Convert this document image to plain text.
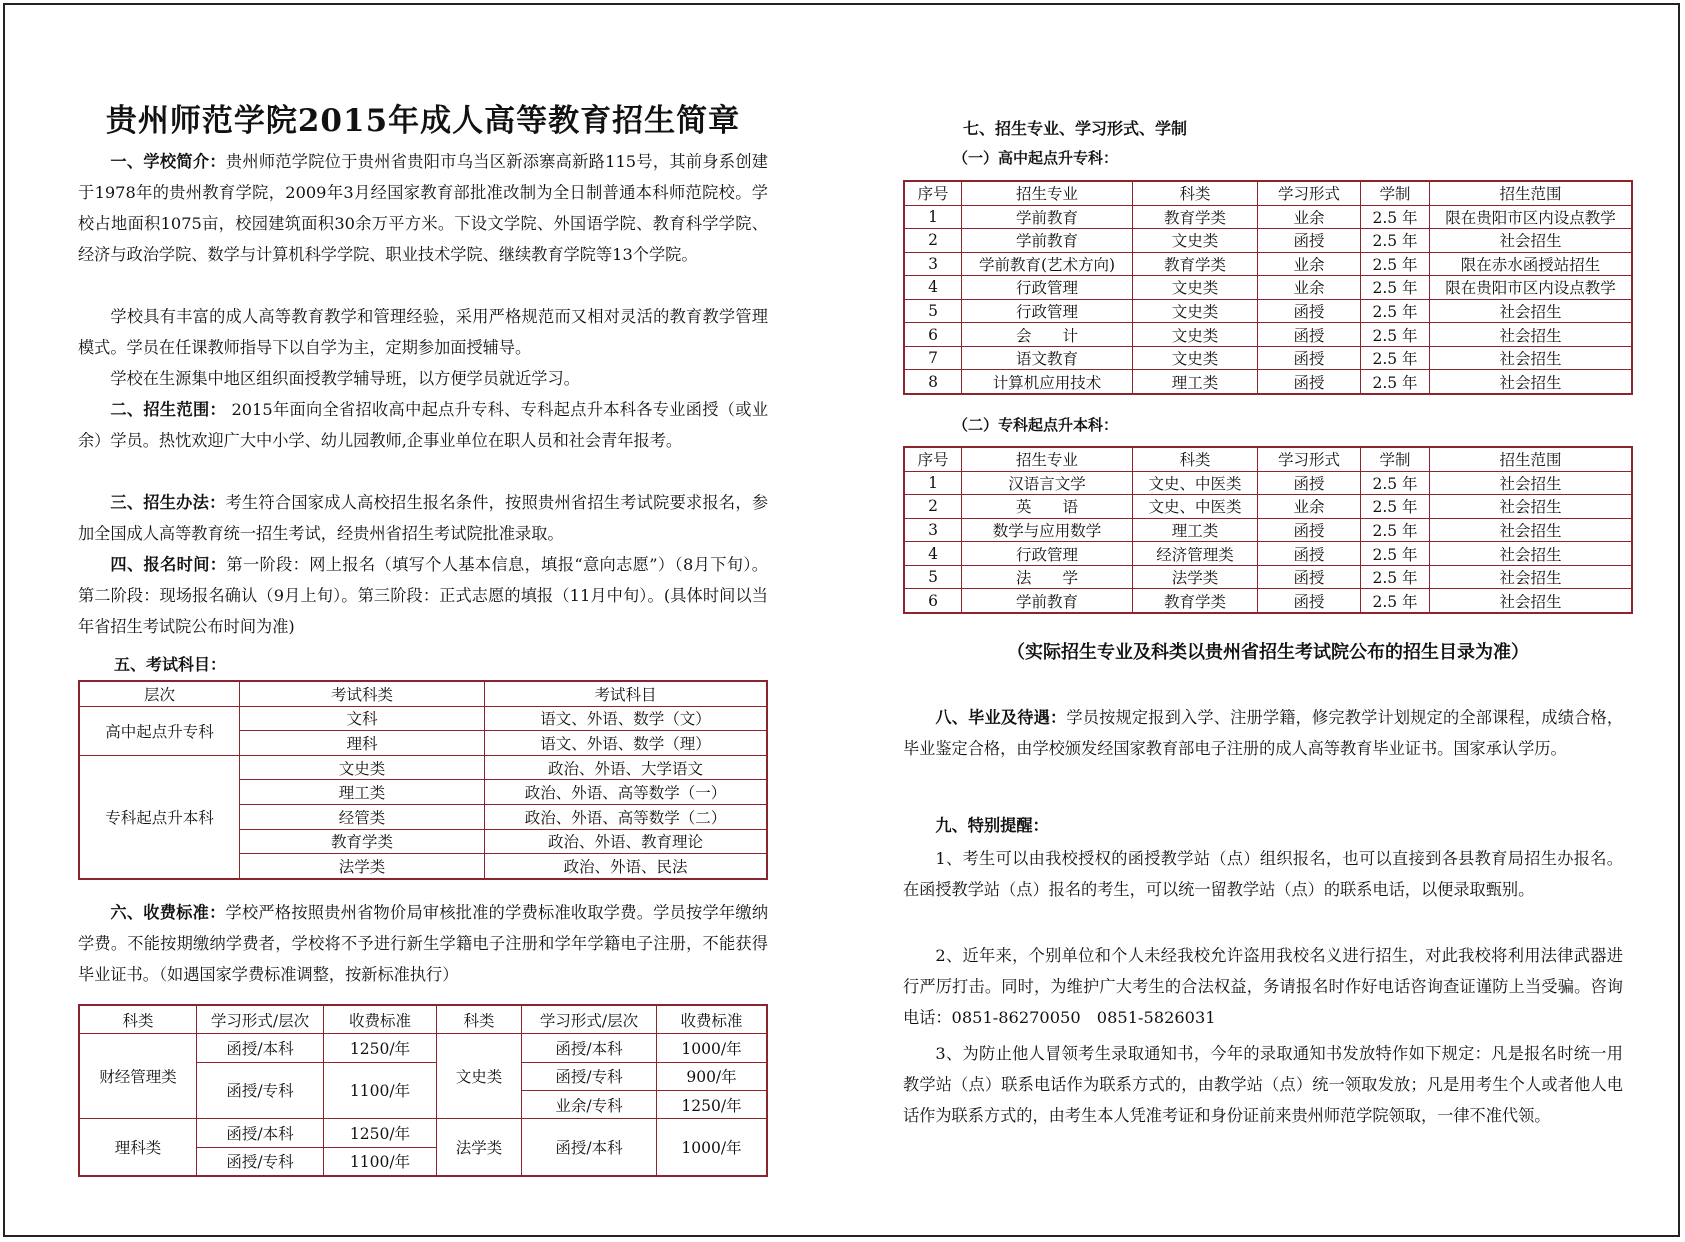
贵州师范学院2015年成人高等教育招生简章

一、学校简介：贵州师范学院位于贵州省贵阳市乌当区新添寨高新路115号，其前身系创建于1978年的贵州教育学院，2009年3月经国家教育部批准改制为全日制普通本科师范院校。学校占地面积1075亩，校园建筑面积30余万平方米。下设文学院、外国语学院、教育科学学院、经济与政治学院、数学与计算机科学学院、职业技术学院、继续教育学院等13个学院。

学校具有丰富的成人高等教育教学和管理经验，采用严格规范而又相对灵活的教育教学管理模式。学员在任课教师指导下以自学为主，定期参加面授辅导。

学校在生源集中地区组织面授教学辅导班，以方便学员就近学习。

二、招生范围： 2015年面向全省招收高中起点升专科、专科起点升本科各专业函授（或业余）学员。热忱欢迎广大中小学、幼儿园教师,企事业单位在职人员和社会青年报考。

三、招生办法：考生符合国家成人高校招生报名条件，按照贵州省招生考试院要求报名，参加全国成人高等教育统一招生考试，经贵州省招生考试院批准录取。

四、报名时间：第一阶段：网上报名（填写个人基本信息，填报“意向志愿”）（8月下旬）。第二阶段：现场报名确认（9月上旬）。第三阶段：正式志愿的填报（11月中旬）。(具体时间以当年省招生考试院公布时间为准)

五、考试科目：

层次	考试科类	考试科目
高中起点升专科	文科	语文、外语、数学（文）
	理科	语文、外语、数学（理）
专科起点升本科	文史类	政治、外语、大学语文
	理工类	政治、外语、高等数学（一）
	经管类	政治、外语、高等数学（二）
	教育学类	政治、外语、教育理论
	法学类	政治、外语、民法

六、收费标准：学校严格按照贵州省物价局审核批准的学费标准收取学费。学员按学年缴纳学费。不能按期缴纳学费者，学校将不予进行新生学籍电子注册和学年学籍电子注册，不能获得毕业证书。（如遇国家学费标准调整，按新标准执行）

科类	学习形式/层次	收费标准	科类	学习形式/层次	收费标准
财经管理类	函授/本科	1250/年	文史类	函授/本科	1000/年
	函授/专科	1100/年		函授/专科	900/年
				业余/专科	1250/年
理科类	函授/本科	1250/年	法学类	函授/本科	1000/年
	函授/专科	1100/年			

七、招生专业、学习形式、学制

（一）高中起点升专科：

序号	招生专业	科类	学习形式	学制	招生范围
1	学前教育	教育学类	业余	2.5 年	限在贵阳市区内设点教学
2	学前教育	文史类	函授	2.5 年	社会招生
3	学前教育(艺术方向)	教育学类	业余	2.5 年	限在赤水函授站招生
4	行政管理	文史类	业余	2.5 年	限在贵阳市区内设点教学
5	行政管理	文史类	函授	2.5 年	社会招生
6	会　　计	文史类	函授	2.5 年	社会招生
7	语文教育	文史类	函授	2.5 年	社会招生
8	计算机应用技术	理工类	函授	2.5 年	社会招生

（二）专科起点升本科：

序号	招生专业	科类	学习形式	学制	招生范围
1	汉语言文学	文史、中医类	函授	2.5 年	社会招生
2	英　　语	文史、中医类	业余	2.5 年	社会招生
3	数学与应用数学	理工类	函授	2.5 年	社会招生
4	行政管理	经济管理类	函授	2.5 年	社会招生
5	法　　学	法学类	函授	2.5 年	社会招生
6	学前教育	教育学类	函授	2.5 年	社会招生

（实际招生专业及科类以贵州省招生考试院公布的招生目录为准）

八、毕业及待遇：学员按规定报到入学、注册学籍，修完教学计划规定的全部课程，成绩合格，毕业鉴定合格，由学校颁发经国家教育部电子注册的成人高等教育毕业证书。国家承认学历。

九、特别提醒：

1、考生可以由我校授权的函授教学站（点）组织报名，也可以直接到各县教育局招生办报名。在函授教学站（点）报名的考生，可以统一留教学站（点）的联系电话，以便录取甄别。

2、近年来，个别单位和个人未经我校允许盗用我校名义进行招生，对此我校将利用法律武器进行严厉打击。同时，为维护广大考生的合法权益，务请报名时作好电话咨询查证谨防上当受骗。咨询电话：0851-86270050　0851-5826031

3、为防止他人冒领考生录取通知书，今年的录取通知书发放特作如下规定：凡是报名时统一用教学站（点）联系电话作为联系方式的，由教学站（点）统一领取发放；凡是用考生个人或者他人电话作为联系方式的，由考生本人凭准考证和身份证前来贵州师范学院领取，一律不准代领。
